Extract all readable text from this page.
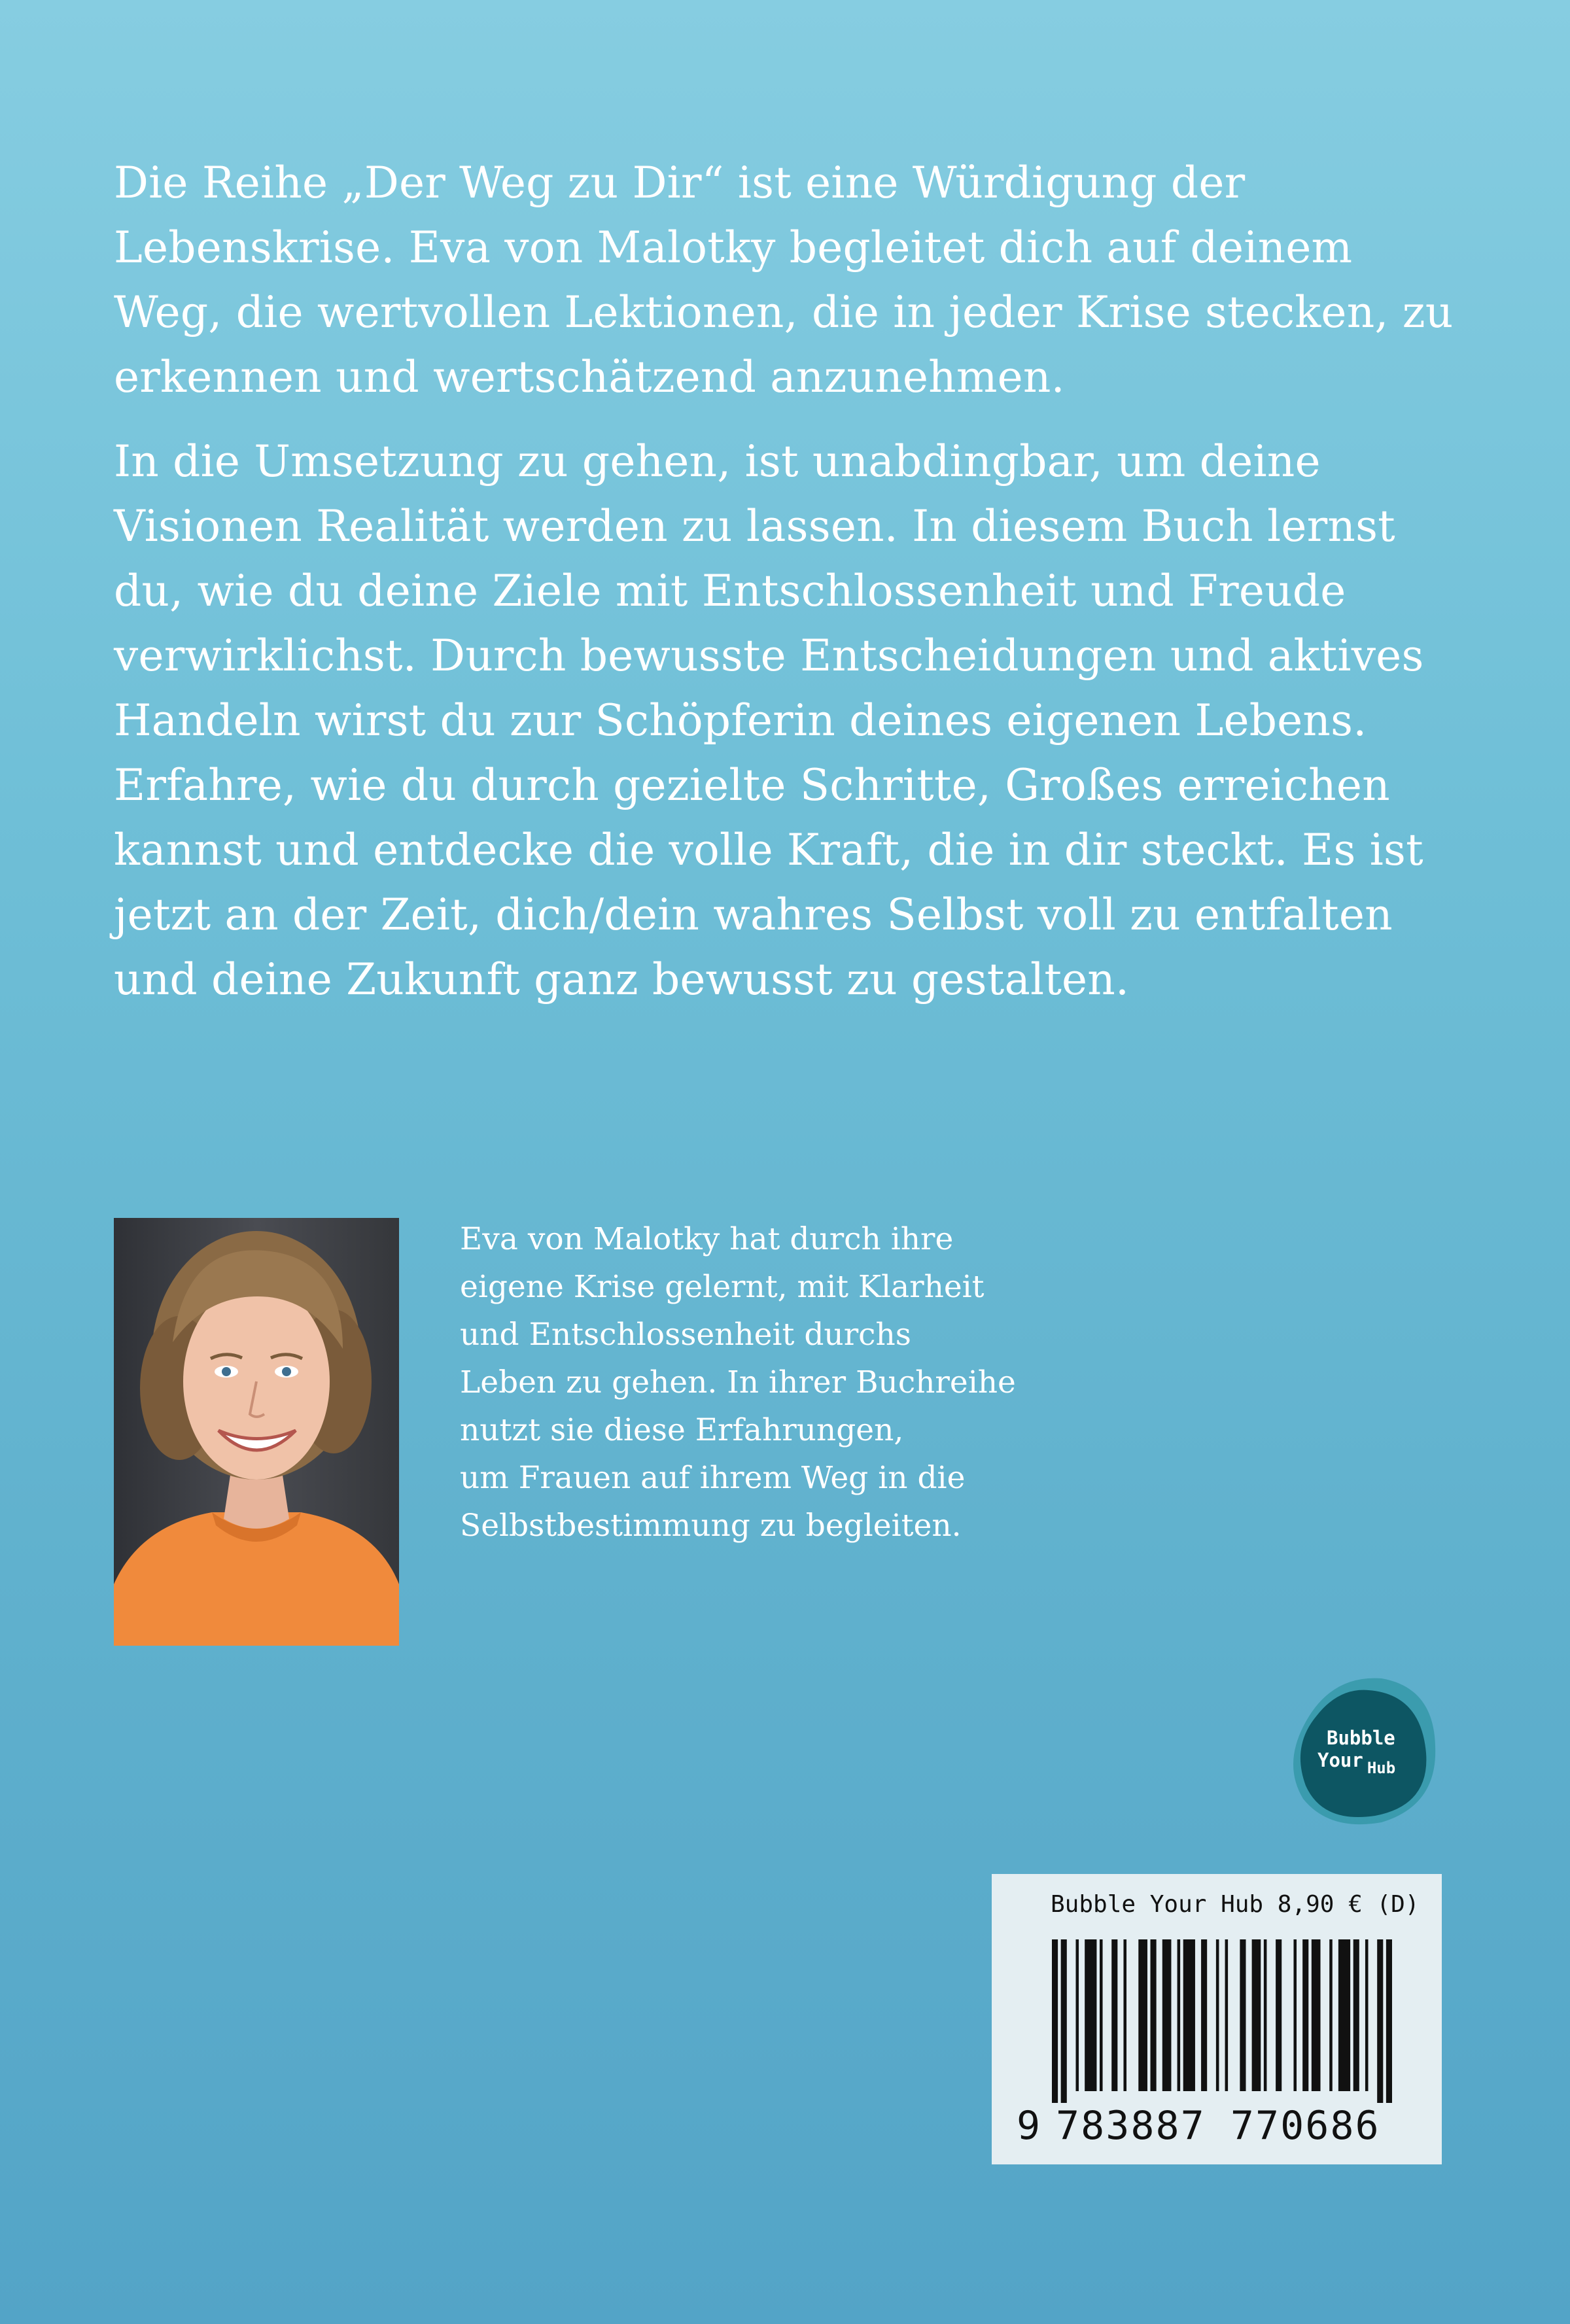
Die Reihe „Der Weg zu Dir“ ist eine Würdigung der Lebenskrise. Eva von Malotky begleitet dich auf deinem Weg, die wertvollen Lektionen, die in jeder Krise stecken, zu erkennen und wertschätzend anzunehmen.

In die Umsetzung zu gehen, ist unabdingbar, um deine Visionen Realität werden zu lassen. In diesem Buch lernst du, wie du deine Ziele mit Entschlossenheit und Freude verwirklichst. Durch bewusste Entscheidungen und aktives Handeln wirst du zur Schöpferin deines eigenen Lebens. Erfahre, wie du durch gezielte Schritte, Großes erreichen kannst und entdecke die volle Kraft, die in dir steckt. Es ist jetzt an der Zeit, dich/dein wahres Selbst voll zu entfalten und deine Zukunft ganz bewusst zu gestalten.

Eva von Malotky hat durch ihre
eigene Krise gelernt, mit Klarheit
und Entschlossenheit durchs
Leben zu gehen. In ihrer Buchreihe
nutzt sie diese Erfahrungen,
um Frauen auf ihrem Weg in die
Selbstbestimmung zu begleiten.
Bubble
Your Hub
Bubble Your Hub 8,90 € (D)
9 783887 770686
